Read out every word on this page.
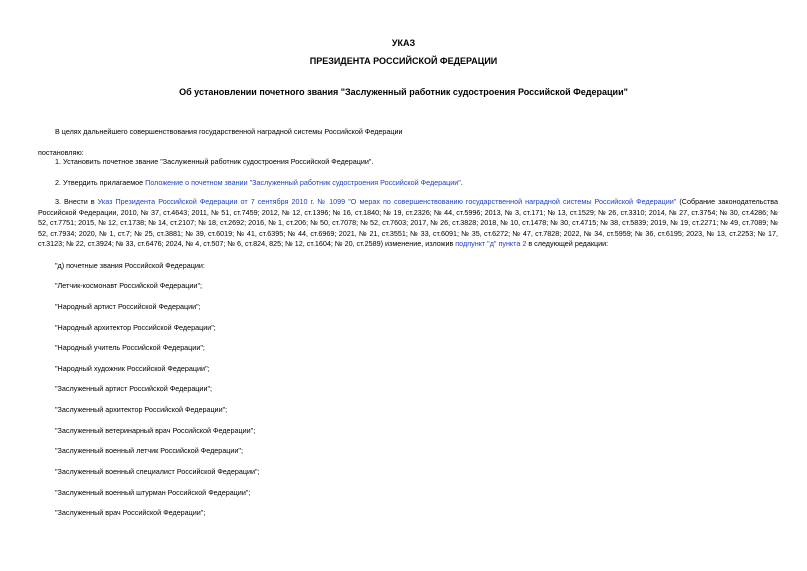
УКАЗ

ПРЕЗИДЕНТА РОССИЙСКОЙ ФЕДЕРАЦИИ

Об установлении почетного звания "Заслуженный работник судостроения Российской Федерации"

В целях дальнейшего совершенствования государственной наградной системы Российской Федерации

постановляю:

1. Установить почетное звание "Заслуженный работник судостроения Российской Федерации".

2. Утвердить прилагаемое Положение о почетном звании "Заслуженный работник судостроения Российской Федерации".

3. Внести в Указ Президента Российской Федерации от 7 сентября 2010 г. № 1099 "О мерах по совершенствованию государственной наградной системы Российской Федерации" (Собрание законодательства Российской Федерации, 2010, № 37, ст.4643; 2011, № 51, ст.7459; 2012, № 12, ст.1396; № 16, ст.1840; № 19, ст.2326; № 44, ст.5996; 2013, № 3, ст.171; № 13, ст.1529; № 26, ст.3310; 2014, № 27, ст.3754; № 30, ст.4286; № 52, ст.7751; 2015, № 12, ст.1738; № 14, ст.2107; № 18, ст.2692; 2016, № 1, ст.206; № 50, ст.7078; № 52, ст.7603; 2017, № 26, ст.3828; 2018, № 10, ст.1478; № 30, ст.4715; № 38, ст.5839; 2019, № 19, ст.2271; № 49, ст.7089; № 52, ст.7934; 2020, № 1, ст.7; № 25, ст.3881; № 39, ст.6019; № 41, ст.6395; № 44, ст.6969; 2021, № 21, ст.3551; № 33, ст.6091; № 35, ст.6272; № 47, ст.7828; 2022, № 34, ст.5959; № 36, ст.6195; 2023, № 13, ст.2253; № 17, ст.3123; № 22, ст.3924; № 33, ст.6476; 2024, № 4, ст.507; № 6, ст.824, 825; № 12, ст.1604; № 20, ст.2589) изменение, изложив подпункт "д" пункта 2 в следующей редакции:

"д) почетные звания Российской Федерации:

"Летчик-космонавт Российской Федерации";

"Народный артист Российской Федерации";

"Народный архитектор Российской Федерации";

"Народный учитель Российской Федерации";

"Народный художник Российской Федерации";

"Заслуженный артист Российской Федерации";

"Заслуженный архитектор Российской Федерации";

"Заслуженный ветеринарный врач Российской Федерации";

"Заслуженный военный летчик Российской Федерации";

"Заслуженный военный специалист Российской Федерации";

"Заслуженный военный штурман Российской Федерации";

"Заслуженный врач Российской Федерации";
